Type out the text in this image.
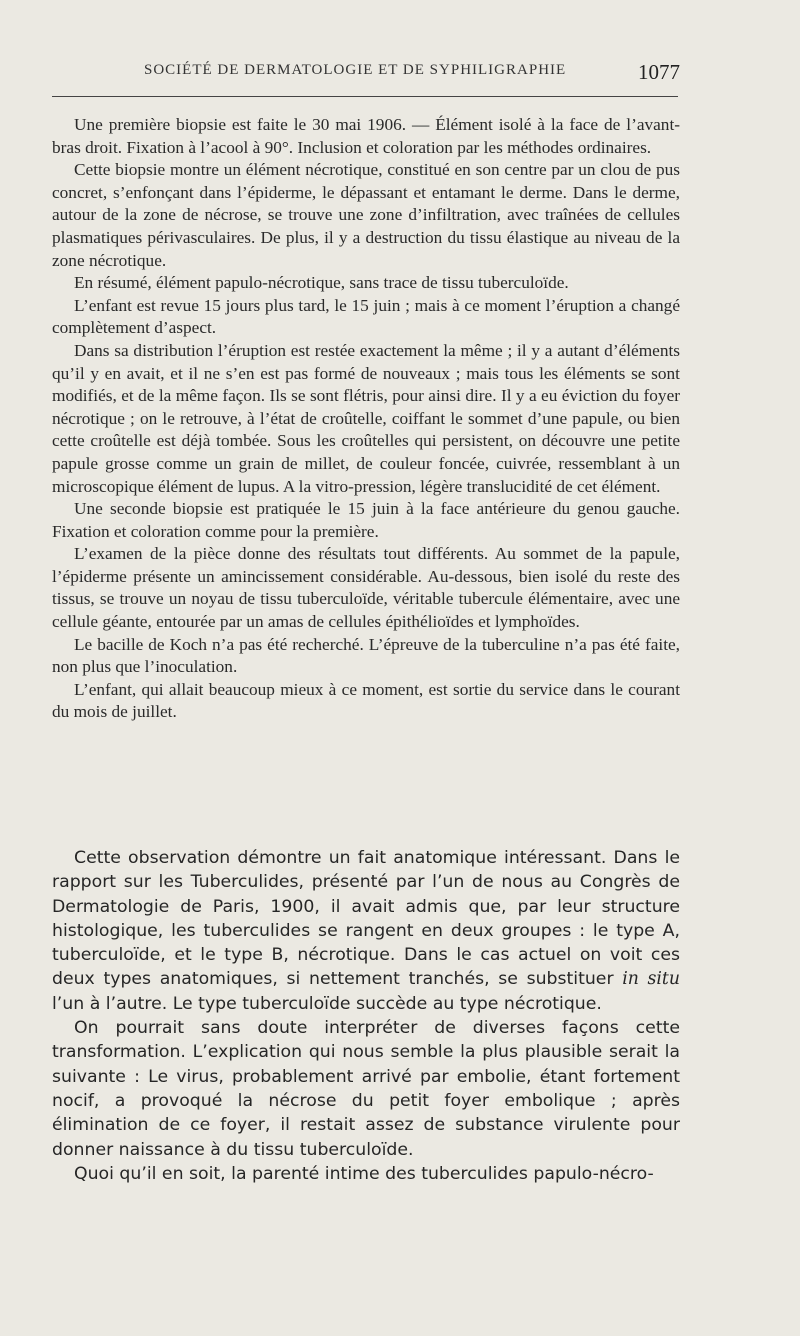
SOCIÉTÉ DE DERMATOLOGIE ET DE SYPHILIGRAPHIE	1077

Une première biopsie est faite le 30 mai 1906. — Élément isolé à la face de l’avant-bras droit. Fixation à l’acool à 90°. Inclusion et coloration par les méthodes ordinaires.

Cette biopsie montre un élément nécrotique, constitué en son centre par un clou de pus concret, s’enfonçant dans l’épiderme, le dépassant et entamant le derme. Dans le derme, autour de la zone de nécrose, se trouve une zone d’infiltration, avec traînées de cellules plasmatiques périvasculaires. De plus, il y a destruction du tissu élastique au niveau de la zone nécrotique.

En résumé, élément papulo-nécrotique, sans trace de tissu tuberculoïde.

L’enfant est revue 15 jours plus tard, le 15 juin ; mais à ce moment l’éruption a changé complètement d’aspect.

Dans sa distribution l’éruption est restée exactement la même ; il y a autant d’éléments qu’il y en avait, et il ne s’en est pas formé de nouveaux ; mais tous les éléments se sont modifiés, et de la même façon. Ils se sont flétris, pour ainsi dire. Il y a eu éviction du foyer nécrotique ; on le retrouve, à l’état de croûtelle, coiffant le sommet d’une papule, ou bien cette croûtelle est déjà tombée. Sous les croûtelles qui persistent, on découvre une petite papule grosse comme un grain de millet, de couleur foncée, cuivrée, ressemblant à un microscopique élément de lupus. A la vitro-pression, légère translucidité de cet élément.

Une seconde biopsie est pratiquée le 15 juin à la face antérieure du genou gauche. Fixation et coloration comme pour la première.

L’examen de la pièce donne des résultats tout différents. Au sommet de la papule, l’épiderme présente un amincissement considérable. Au-dessous, bien isolé du reste des tissus, se trouve un noyau de tissu tuberculoïde, véritable tubercule élémentaire, avec une cellule géante, entourée par un amas de cellules épithélioïdes et lymphoïdes.

Le bacille de Koch n’a pas été recherché. L’épreuve de la tuberculine n’a pas été faite, non plus que l’inoculation.

L’enfant, qui allait beaucoup mieux à ce moment, est sortie du service dans le courant du mois de juillet.

Cette observation démontre un fait anatomique intéressant. Dans le rapport sur les Tuberculides, présenté par l’un de nous au Congrès de Dermatologie de Paris, 1900, il avait admis que, par leur structure histologique, les tuberculides se rangent en deux groupes : le type A, tuberculoïde, et le type B, nécrotique. Dans le cas actuel on voit ces deux types anatomiques, si nettement tranchés, se substituer in situ l’un à l’autre. Le type tuberculoïde succède au type nécrotique.

On pourrait sans doute interpréter de diverses façons cette transformation. L’explication qui nous semble la plus plausible serait la suivante : Le virus, probablement arrivé par embolie, étant fortement nocif, a provoqué la nécrose du petit foyer embolique ; après élimination de ce foyer, il restait assez de substance virulente pour donner naissance à du tissu tuberculoïde.

Quoi qu’il en soit, la parenté intime des tuberculides papulo-nécro-
